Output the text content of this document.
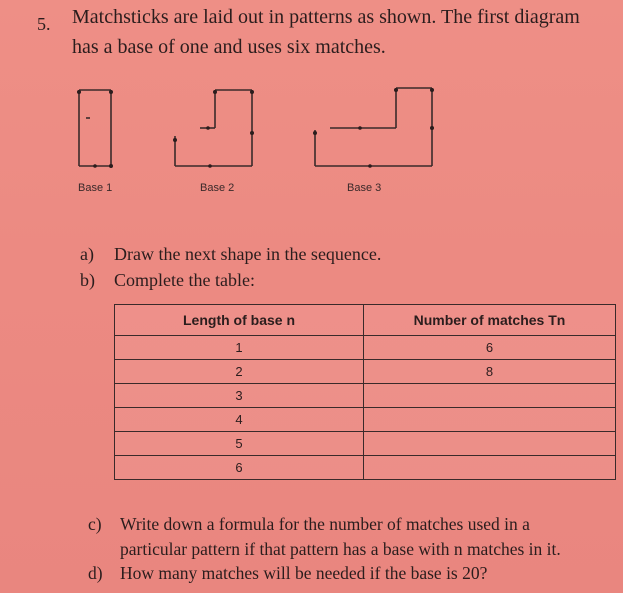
5. Matchsticks are laid out in patterns as shown. The first diagram
has a base of one and uses six matches.
Base 1	Base 2	Base 3
a) Draw the next shape in the sequence.
b) Complete the table:
Length of base n	Number of matches Tn
1	6
2	8
3	
4	
5	
6	
c) Write down a formula for the number of matches used in a
particular pattern if that pattern has a base with n matches in it.
d) How many matches will be needed if the base is 20?
